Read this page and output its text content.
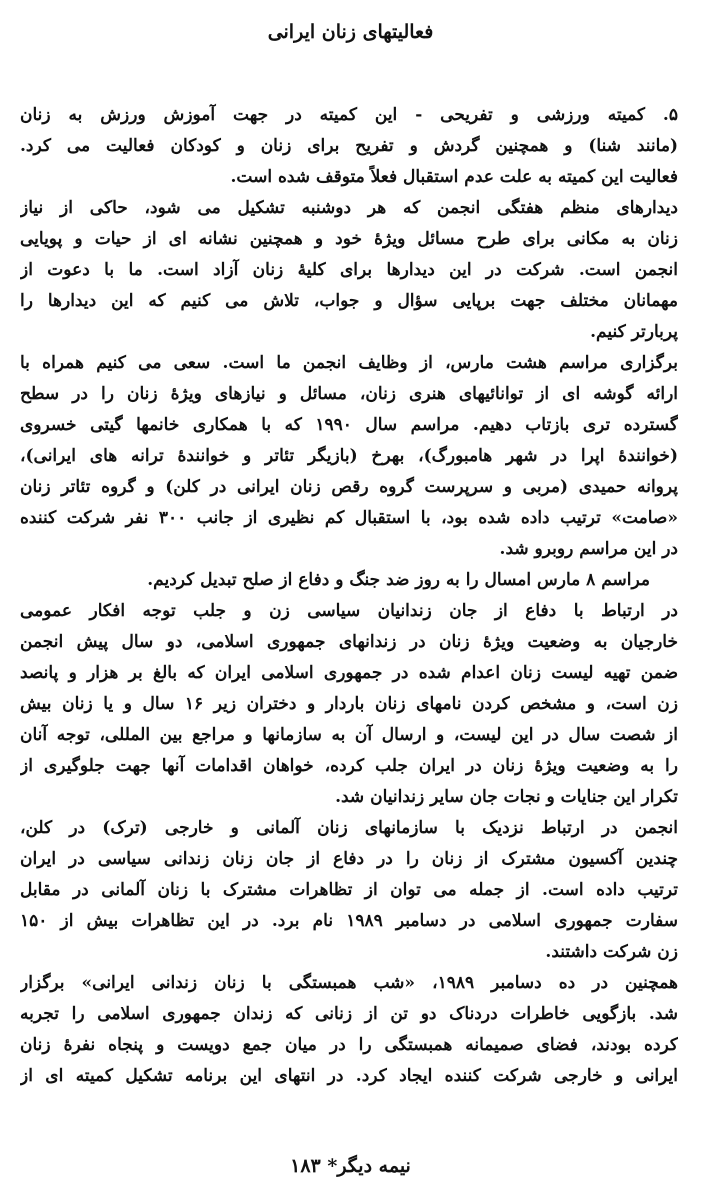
فعالیتهای زنان ایرانی
۵. کمیته ورزشی و تفریحی - این کمیته در جهت آموزش ورزش به زنان
(مانند شنا) و همچنین گردش و تفریح برای زنان و کودکان فعالیت می کرد.
فعالیت این کمیته به علت عدم استقبال فعلاً متوقف شده است.
دیدارهای منظم هفتگی انجمن که هر دوشنبه تشکیل می شود، حاکی از نیاز
زنان به مکانی برای طرح مسائل ویژهٔ خود و همچنین نشانه ای از حیات و پویایی
انجمن است. شرکت در این دیدارها برای کلیهٔ زنان آزاد است. ما با دعوت از
مهمانان مختلف جهت برپایی سؤال و جواب، تلاش می کنیم که این دیدارها را
پربارتر کنیم.
برگزاری مراسم هشت مارس، از وظایف انجمن ما است. سعی می کنیم همراه با
ارائه گوشه ای از توانائیهای هنری زنان، مسائل و نیازهای ویژهٔ زنان را در سطح
گسترده تری بازتاب دهیم. مراسم سال ۱۹۹۰ که با همکاری خانمها گیتی خسروی
(خوانندهٔ اپرا در شهر هامبورگ)، بهرخ (بازیگر تئاتر و خوانندهٔ ترانه های ایرانی)،
پروانه حمیدی (مربی و سرپرست گروه رقص زنان ایرانی در کلن) و گروه تئاتر زنان
«صامت» ترتیب داده شده بود، با استقبال کم نظیری از جانب ۳۰۰ نفر شرکت کننده
در این مراسم روبرو شد.
مراسم ۸ مارس امسال را به روز ضد جنگ و دفاع از صلح تبدیل کردیم.
در ارتباط با دفاع از جان زندانیان سیاسی زن و جلب توجه افکار عمومی
خارجیان به وضعیت ویژهٔ زنان در زندانهای جمهوری اسلامی، دو سال پیش انجمن
ضمن تهیه لیست زنان اعدام شده در جمهوری اسلامی ایران که بالغ بر هزار و پانصد
زن است، و مشخص کردن نامهای زنان باردار و دختران زیر ۱۶ سال و یا زنان بیش
از شصت سال در این لیست، و ارسال آن به سازمانها و مراجع بین المللی، توجه آنان
را به وضعیت ویژهٔ زنان در ایران جلب کرده، خواهان اقدامات آنها جهت جلوگیری از
تکرار این جنایات و نجات جان سایر زندانیان شد.
انجمن در ارتباط نزدیک با سازمانهای زنان آلمانی و خارجی (ترک) در کلن،
چندین آکسیون مشترک از زنان را در دفاع از جان زنان زندانی سیاسی در ایران
ترتیب داده است. از جمله می توان از تظاهرات مشترک با زنان آلمانی در مقابل
سفارت جمهوری اسلامی در دسامبر ۱۹۸۹ نام برد. در این تظاهرات بیش از ۱۵۰
زن شرکت داشتند.
همچنین در ده دسامبر ۱۹۸۹، «شب همبستگی با زنان زندانی ایرانی» برگزار
شد. بازگویی خاطرات دردناک دو تن از زنانی که زندان جمهوری اسلامی را تجربه
کرده بودند، فضای صمیمانه همبستگی را در میان جمع دویست و پنجاه نفرهٔ زنان
ایرانی و خارجی شرکت کننده ایجاد کرد. در انتهای این برنامه تشکیل کمیته ای از
نیمه دیگر* ۱۸۳
